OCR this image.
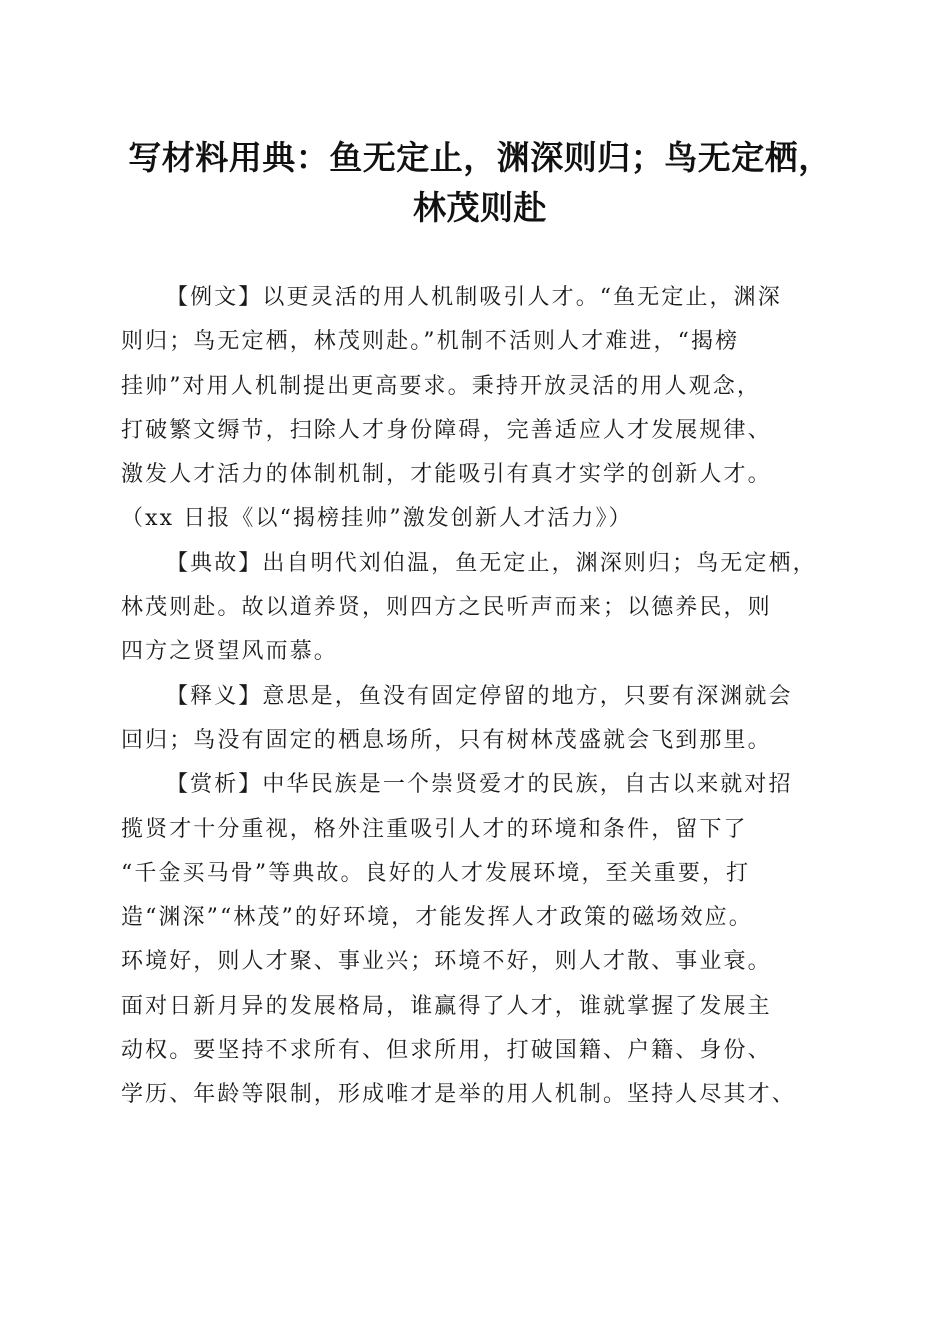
写材料用典：鱼无定止，渊深则归；鸟无定栖，
林茂则赴
【例文】以更灵活的用人机制吸引人才。“鱼无定止，渊深
则归；鸟无定栖，林茂则赴。”机制不活则人才难进，“揭榜
挂帅”对用人机制提出更高要求。秉持开放灵活的用人观念，
打破繁文缛节，扫除人才身份障碍，完善适应人才发展规律、
激发人才活力的体制机制，才能吸引有真才实学的创新人才。
（xx 日报《以“揭榜挂帅”激发创新人才活力》）
【典故】出自明代刘伯温，鱼无定止，渊深则归；鸟无定栖，
林茂则赴。故以道养贤，则四方之民听声而来；以德养民，则
四方之贤望风而慕。
【释义】意思是，鱼没有固定停留的地方，只要有深渊就会
回归；鸟没有固定的栖息场所，只有树林茂盛就会飞到那里。
【赏析】中华民族是一个崇贤爱才的民族，自古以来就对招
揽贤才十分重视，格外注重吸引人才的环境和条件，留下了
“千金买马骨”等典故。良好的人才发展环境，至关重要，打
造“渊深”“林茂”的好环境，才能发挥人才政策的磁场效应。
环境好，则人才聚、事业兴；环境不好，则人才散、事业衰。
面对日新月异的发展格局，谁赢得了人才，谁就掌握了发展主
动权。要坚持不求所有、但求所用，打破国籍、户籍、身份、
学历、年龄等限制，形成唯才是举的用人机制。坚持人尽其才、
